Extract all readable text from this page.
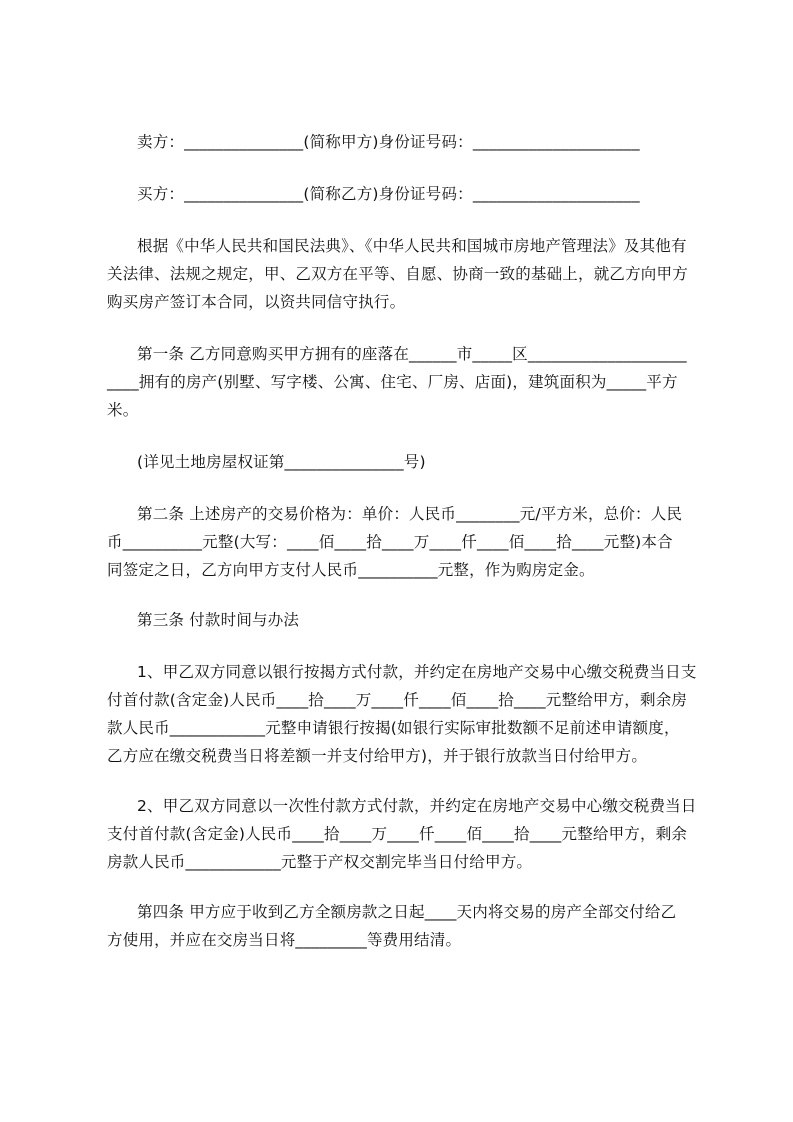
卖方：_______________(简称甲方)身份证号码：_____________________
买方：_______________(简称乙方)身份证号码：_____________________
根据《中华人民共和国民法典》、《中华人民共和国城市房地产管理法》及其他有
关法律、法规之规定，甲、乙双方在平等、自愿、协商一致的基础上，就乙方向甲方
购买房产签订本合同，以资共同信守执行。
第一条 乙方同意购买甲方拥有的座落在______市_____区____________________
____拥有的房产(别墅、写字楼、公寓、住宅、厂房、店面)，建筑面积为_____平方
米。
(详见土地房屋权证第_______________号)
第二条 上述房产的交易价格为：单价：人民币________元/平方米，总价：人民
币__________元整(大写：____佰____拾____万____仟____佰____拾____元整)本合
同签定之日，乙方向甲方支付人民币__________元整，作为购房定金。
第三条 付款时间与办法
1、甲乙双方同意以银行按揭方式付款，并约定在房地产交易中心缴交税费当日支
付首付款(含定金)人民币____拾____万____仟____佰____拾____元整给甲方，剩余房
款人民币____________元整申请银行按揭(如银行实际审批数额不足前述申请额度，
乙方应在缴交税费当日将差额一并支付给甲方)，并于银行放款当日付给甲方。
2、甲乙双方同意以一次性付款方式付款，并约定在房地产交易中心缴交税费当日
支付首付款(含定金)人民币____拾____万____仟____佰____拾____元整给甲方，剩余
房款人民币____________元整于产权交割完毕当日付给甲方。
第四条 甲方应于收到乙方全额房款之日起____天内将交易的房产全部交付给乙
方使用，并应在交房当日将_________等费用结清。
